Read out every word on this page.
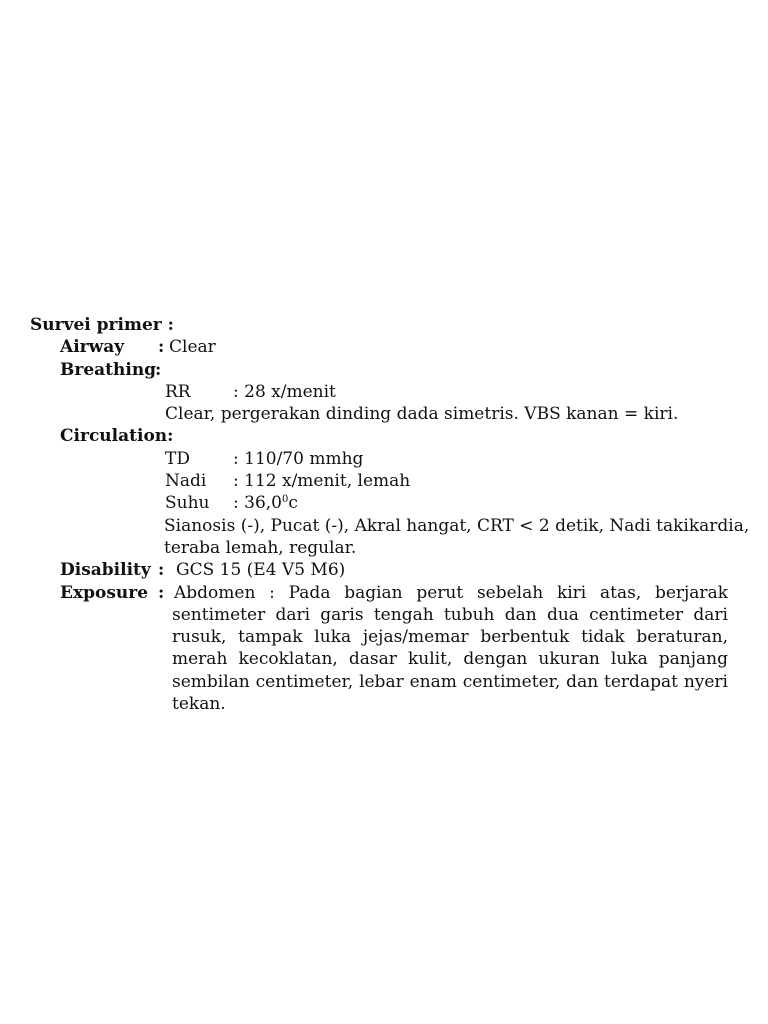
Survei primer :
Airway : Clear
Breathing
:
RR : 28 x/menit
Clear, pergerakan dinding dada simetris. VBS kanan = kiri.
Circulation:
TD	: 110/70 mmhg
Nadi : 112 x/menit, lemah
Suhu : 36,0$^0$c
Sianosis (-), Pucat (-), Akral hangat, CRT < 2 detik, Nadi takikardia,
teraba lemah, regular.
Disability : GCS 15 (E4 V5 M6)
Exposure : Abdomen : Pada bagian perut sebelah kiri atas, berjarak
sentimeter dari garis tengah tubuh dan dua centimeter dari
rusuk, tampak luka jejas/memar berbentuk tidak beraturan,
merah kecoklatan, dasar kulit, dengan ukuran luka panjang
sembilan centimeter, lebar enam centimeter, dan terdapat nyeri
tekan.
